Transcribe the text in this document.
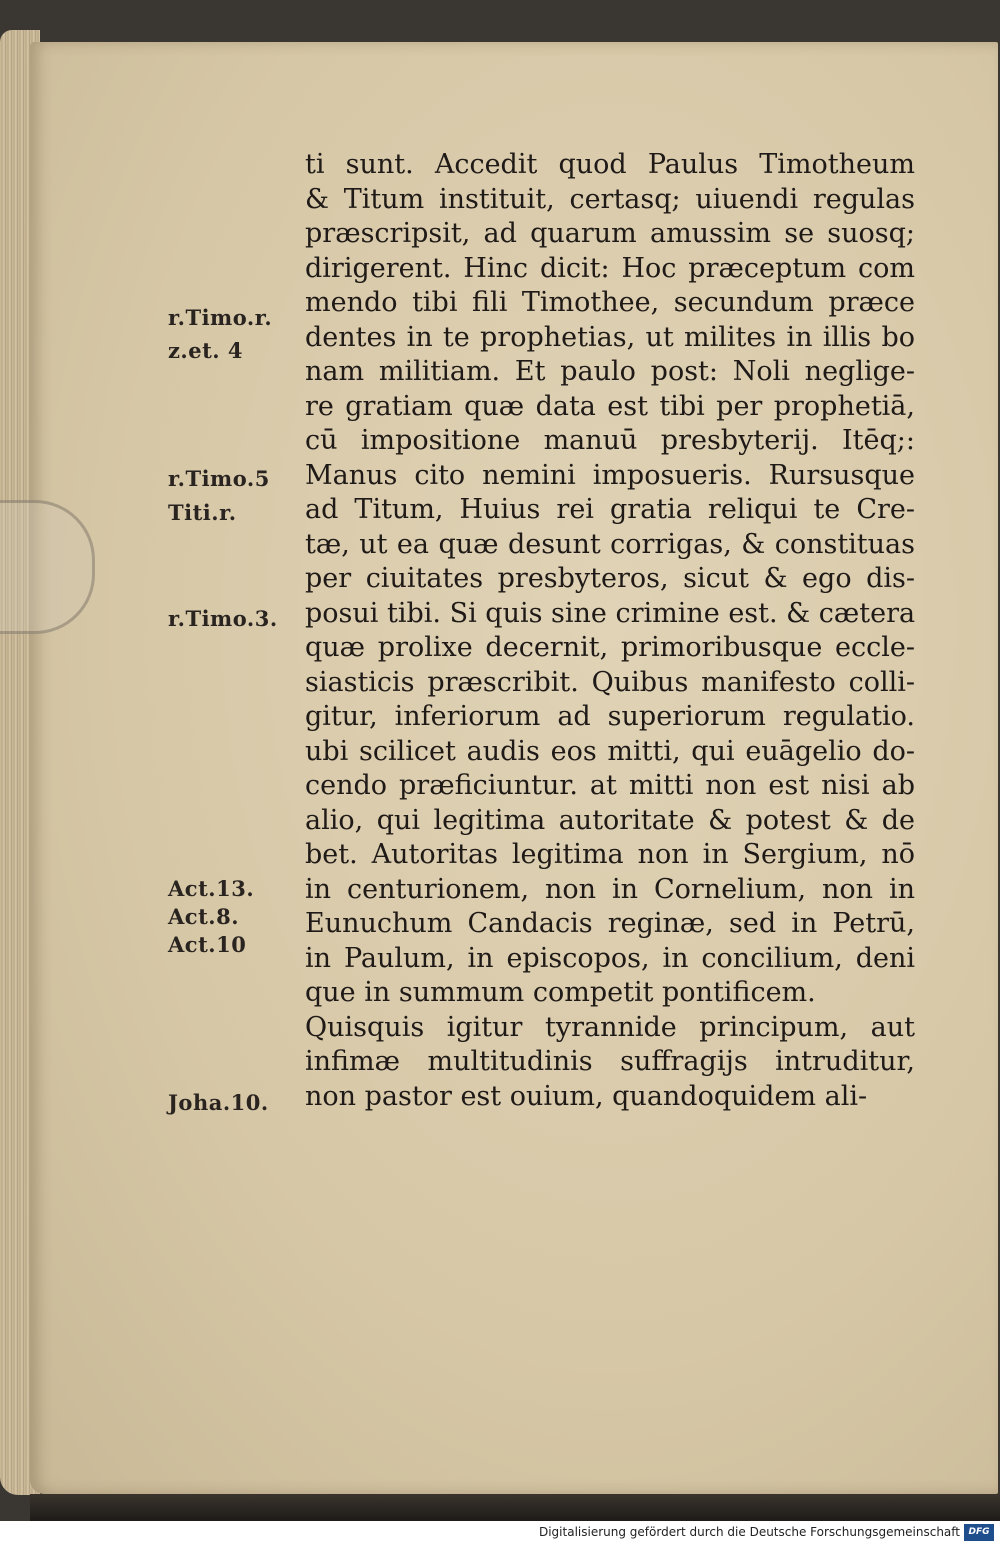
r.Timo.r.
z.et. 4
r.Timo.5
Titi.r.
r.Timo.3.
Act.13.
Act.8.
Act.10
Joha.10.
ti sunt. Accedit quod Paulus Timotheum
& Titum instituit, certasq; uiuendi regulas
præscripsit, ad quarum amussim se suosq;
dirigerent. Hinc dicit: Hoc præceptum com
mendo tibi fili Timothee, secundum præce
dentes in te prophetias, ut milites in illis bo
nam militiam. Et paulo post: Noli neglige-
re gratiam quæ data est tibi per prophetiā,
cū impositione manuū presbyterij. Itēq;:
Manus cito nemini imposueris. Rursusque
ad Titum, Huius rei gratia reliqui te Cre-
tæ, ut ea quæ desunt corrigas, & constituas
per ciuitates presbyteros, sicut & ego dis-
posui tibi. Si quis sine crimine est. & cætera
quæ prolixe decernit, primoribusque eccle-
siasticis præscribit. Quibus manifesto colli-
gitur, inferiorum ad superiorum regulatio.
ubi scilicet audis eos mitti, qui euāgelio do-
cendo præficiuntur. at mitti non est nisi ab
alio, qui legitima autoritate & potest & de
bet. Autoritas legitima non in Sergium, nō
in centurionem, non in Cornelium, non in
Eunuchum Candacis reginæ, sed in Petrū,
in Paulum, in episcopos, in concilium, deni
que in summum competit pontificem.
Quisquis igitur tyrannide principum, aut
infimæ multitudinis suffragijs intruditur,
non pastor est ouium, quandoquidem ali-
Digitalisierung gefördert durch die Deutsche Forschungsgemeinschaft DFG
